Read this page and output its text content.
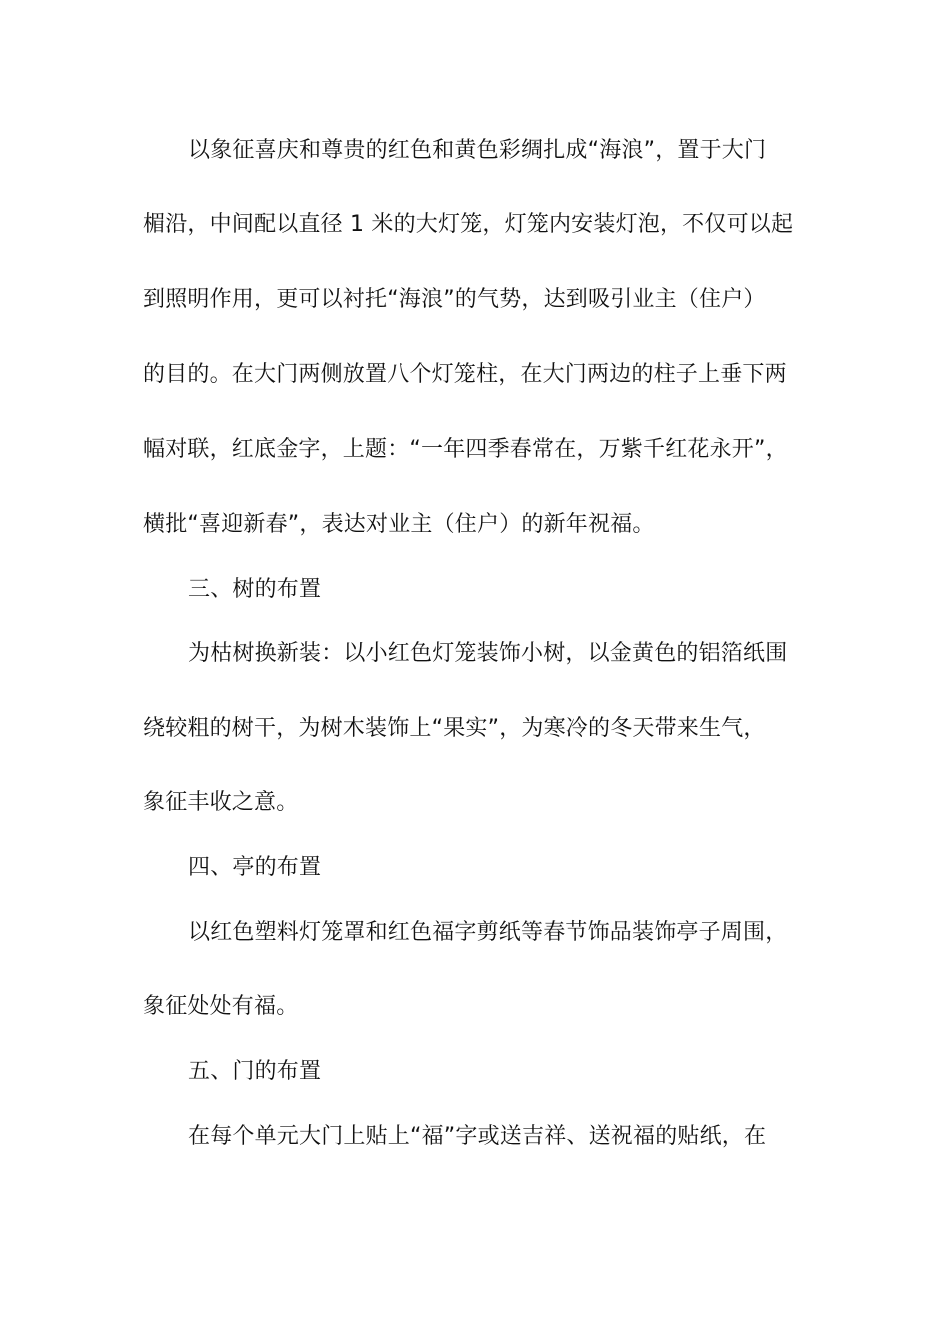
以象征喜庆和尊贵的红色和黄色彩绸扎成“海浪”，置于大门
楣沿，中间配以直径 1 米的大灯笼，灯笼内安装灯泡，不仅可以起
到照明作用，更可以衬托“海浪”的气势，达到吸引业主（住户）
的目的。在大门两侧放置八个灯笼柱，在大门两边的柱子上垂下两
幅对联，红底金字，上题：“一年四季春常在，万紫千红花永开”，
横批“喜迎新春”，表达对业主（住户）的新年祝福。
三、树的布置
为枯树换新装：以小红色灯笼装饰小树，以金黄色的铝箔纸围
绕较粗的树干，为树木装饰上“果实”，为寒冷的冬天带来生气，
象征丰收之意。
四、亭的布置
以红色塑料灯笼罩和红色福字剪纸等春节饰品装饰亭子周围，
象征处处有福。
五、门的布置
在每个单元大门上贴上“福”字或送吉祥、送祝福的贴纸，在
